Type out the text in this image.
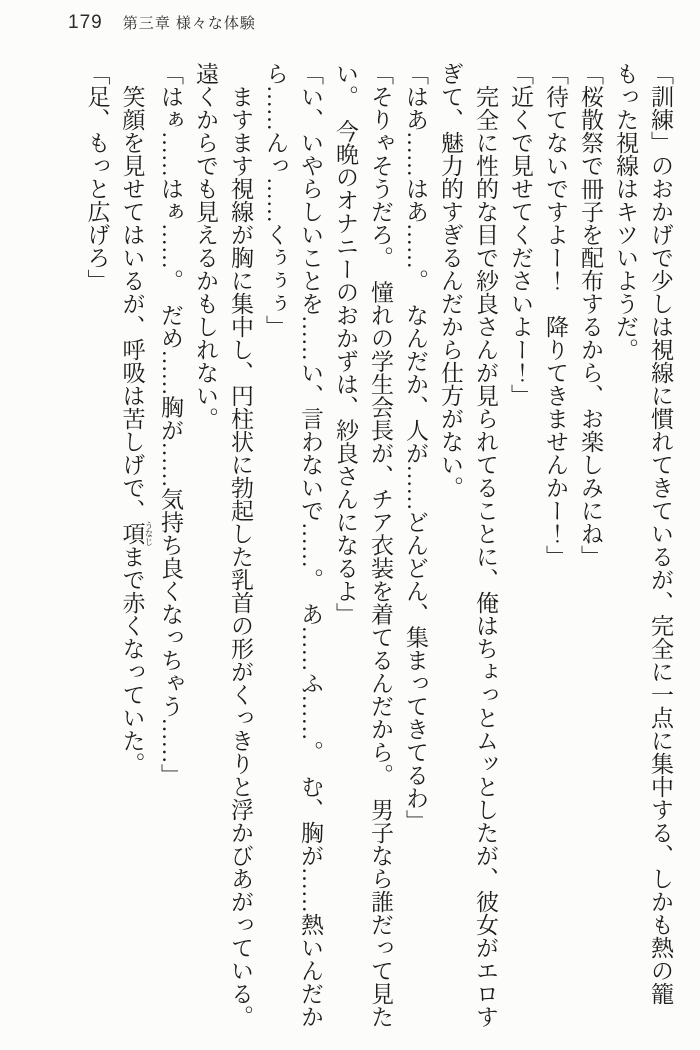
179 第三章 様々な体験

「訓練」のおかげで少しは視線に慣れてきているが、完全に一点に集中する、しかも熱の籠もった視線はキツいようだ。

「桜散祭で冊子を配布するから、お楽しみにね」

「待てないですよー！　降りてきませんかー！」

「近くで見せてくださいよー！」

完全に性的な目で紗良さんが見られてることに、俺はちょっとムッとしたが、彼女がエロすぎて、魅力的すぎるんだから仕方がない。

「はあ……はあ……。　なんだか、人が……どんどん、集まってきてるわ」

「そりゃそうだろ。　憧れの学生会長が、チア衣装を着てるんだから。　男子なら誰だって見たい。　今晩のオナニーのおかずは、紗良さんになるよ」

「い、いやらしいことを……い、言わないで……。　あ……ふ……。　む、胸が……熱いんだから……んっ……くぅぅぅ」

ますます視線が胸に集中し、円柱状に勃起した乳首の形がくっきりと浮かびあがっている。　遠くからでも見えるかもしれない。

「はぁ……はぁ……。　だめ……胸が……気持ち良くなっちゃう……」

笑顔を見せてはいるが、呼吸は苦しげで、項 うなじまで赤くなっていた。

「足、もっと広げろ」
